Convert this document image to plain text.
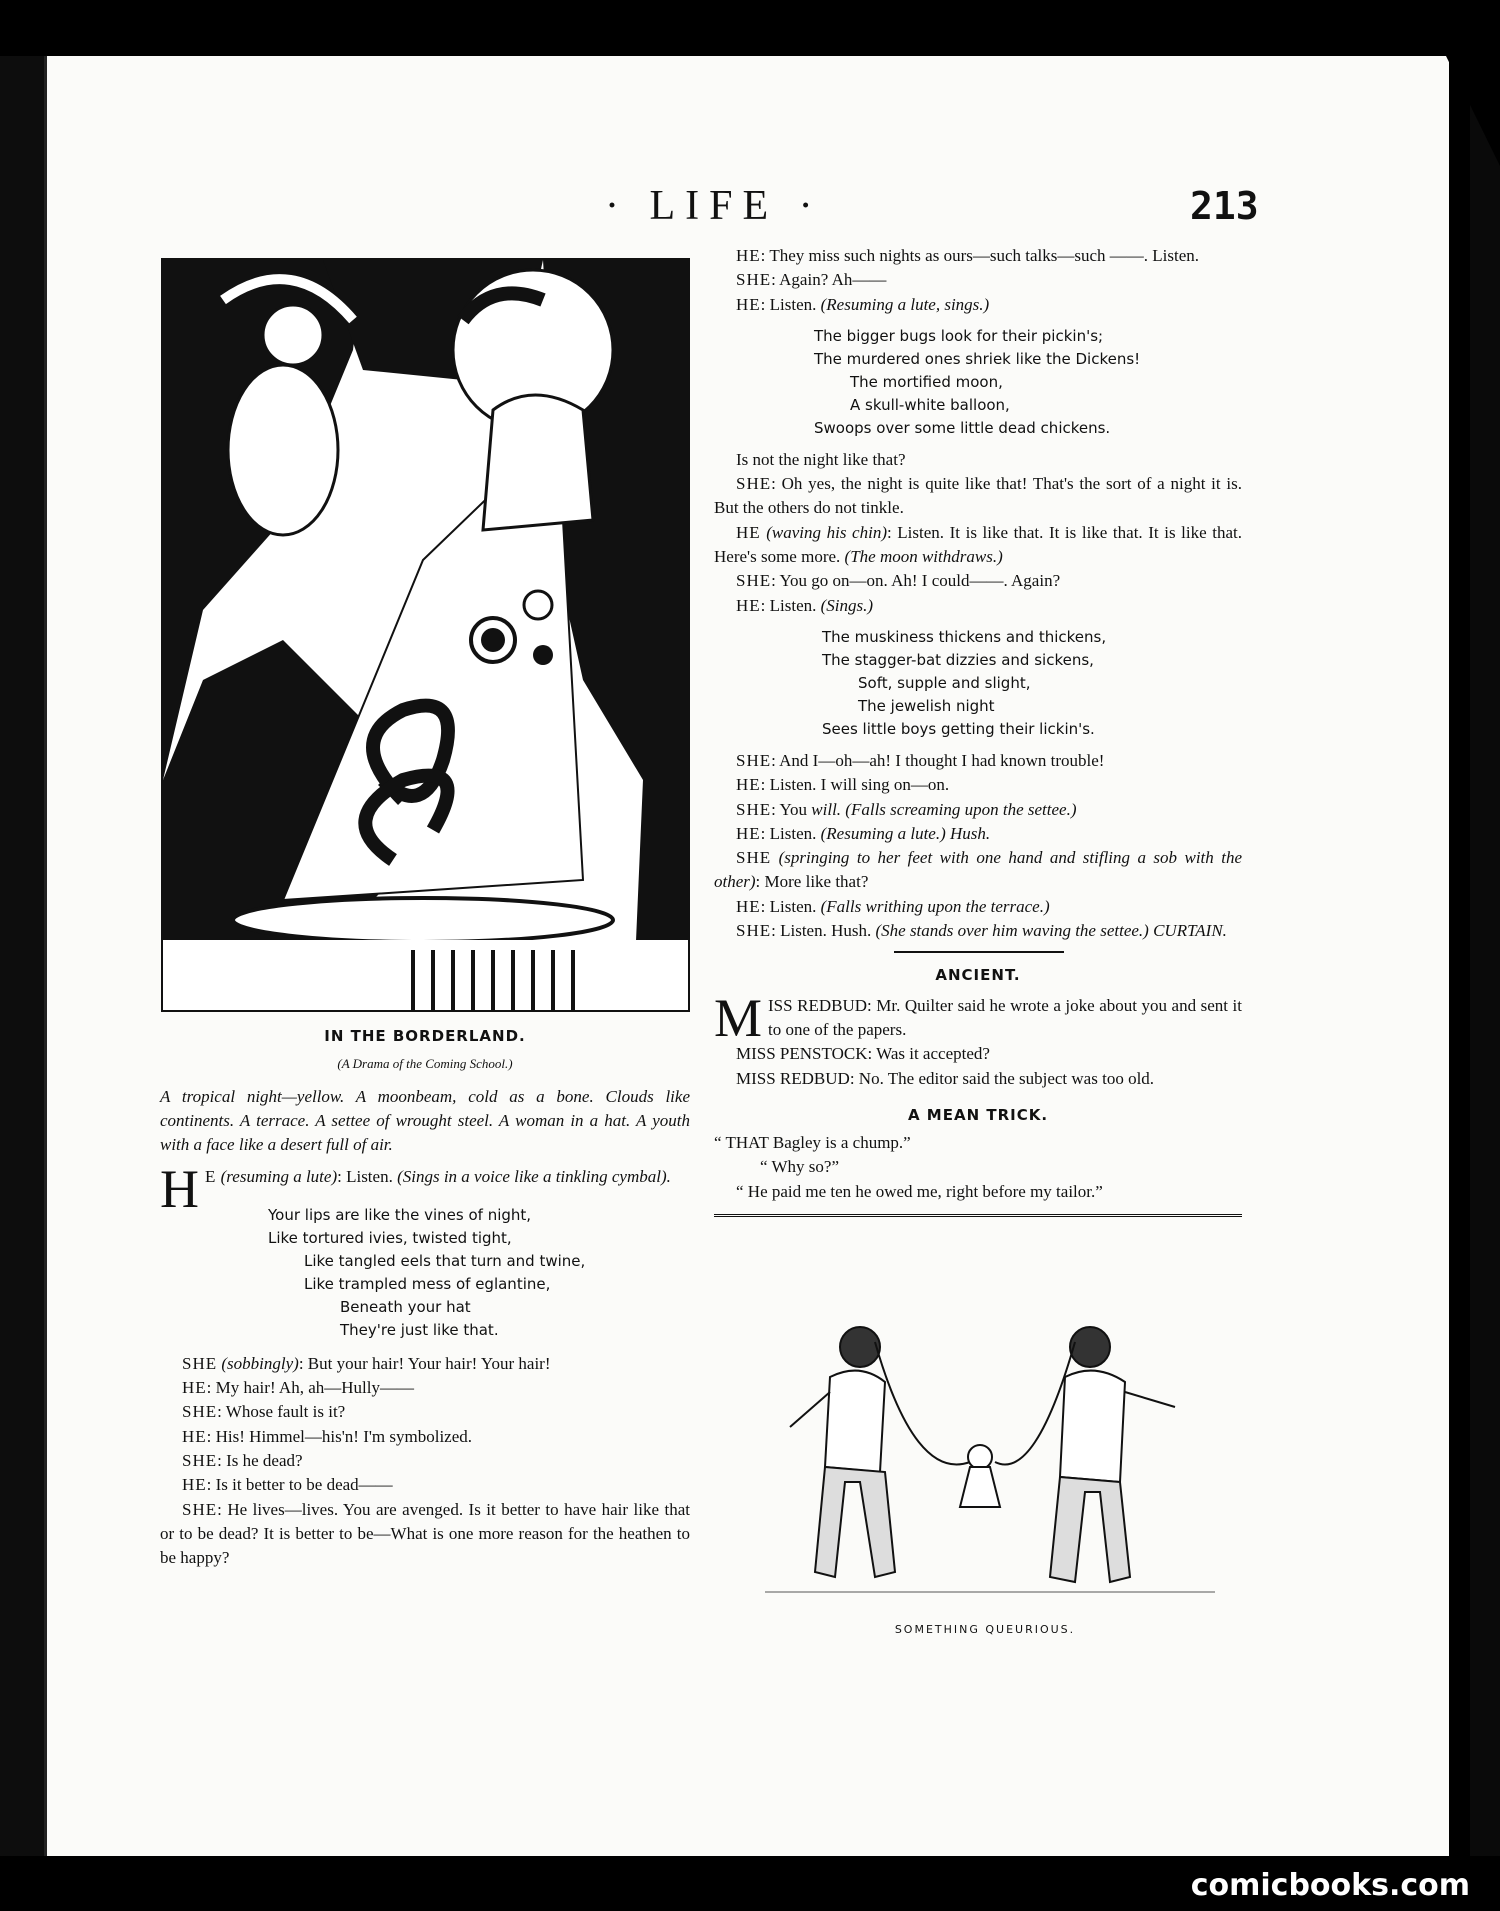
· LIFE ·	213
IN THE BORDERLAND.
(A Drama of the Coming School.)

A tropical night—yellow. A moonbeam, cold as a bone. Clouds like continents. A terrace. A settee of wrought steel. A woman in a hat. A youth with a face like a desert full of air.

H E (resuming a lute): Listen. (Sings in a voice like a tinkling cymbal).

Your lips are like the vines of night,
Like tortured ivies, twisted tight,
Like tangled eels that turn and twine,
Like trampled mess of eglantine,
Beneath your hat
They're just like that.

SHE (sobbingly): But your hair! Your hair! Your hair!

HE: My hair! Ah, ah—Hully——

SHE: Whose fault is it?

HE: His! Himmel—his'n! I'm symbolized.

SHE: Is he dead?

HE: Is it better to be dead——

SHE: He lives—lives. You are avenged. Is it better to have hair like that or to be dead? It is better to be—What is one more reason for the heathen to be happy?

HE: They miss such nights as ours—such talks—such ——. Listen.

SHE: Again? Ah——

HE: Listen. (Resuming a lute, sings.)

The bigger bugs look for their pickin's;
The murdered ones shriek like the Dickens!
The mortified moon,
A skull-white balloon,
Swoops over some little dead chickens.

Is not the night like that?

SHE: Oh yes, the night is quite like that! That's the sort of a night it is. But the others do not tinkle.

HE (waving his chin): Listen. It is like that. It is like that. It is like that. Here's some more. (The moon withdraws.)

SHE: You go on—on. Ah! I could——. Again?

HE: Listen. (Sings.)

The muskiness thickens and thickens,
The stagger-bat dizzies and sickens,
Soft, supple and slight,
The jewelish night
Sees little boys getting their lickin's.

SHE: And I—oh—ah! I thought I had known trouble!

HE: Listen. I will sing on—on.

SHE: You will. (Falls screaming upon the settee.)

HE: Listen. (Resuming a lute.) Hush.

SHE (springing to her feet with one hand and stifling a sob with the other): More like that?

HE: Listen. (Falls writhing upon the terrace.)

SHE: Listen. Hush. (She stands over him waving the settee.) CURTAIN.

ANCIENT.

MISS REDBUD: Mr. Quilter said he wrote a joke about you and sent it to one of the papers.

MISS PENSTOCK: Was it accepted?

MISS REDBUD: No. The editor said the subject was too old.

A MEAN TRICK.

“ THAT Bagley is a chump.”

“ Why so?”

“ He paid me ten he owed me, right before my tailor.”

SOMETHING QUEURIOUS.
comicbooks.com
